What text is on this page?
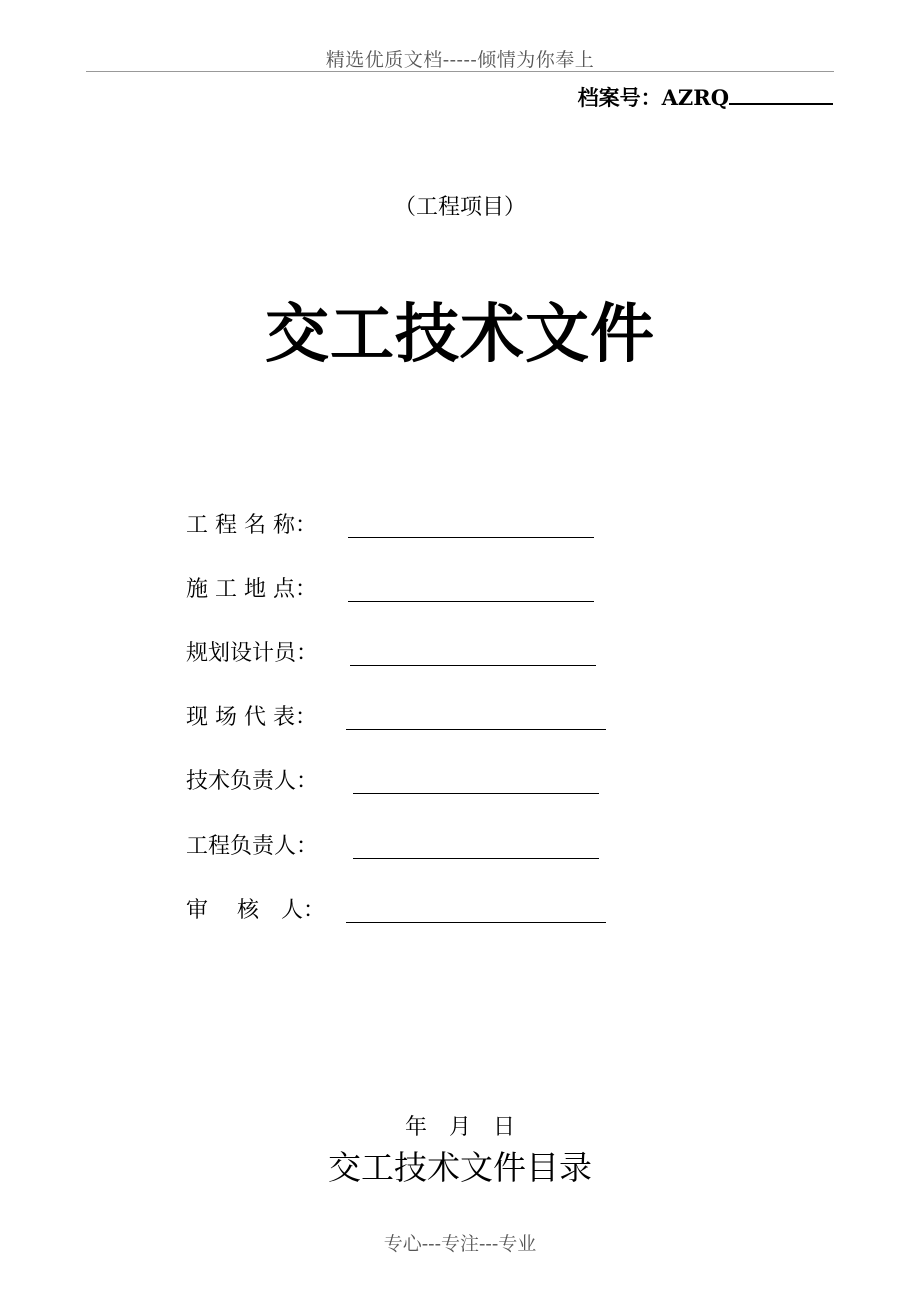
精选优质文档-----倾情为你奉上
档案号：AZRQ
（工程项目）
交工技术文件
工 程 名 称：
施 工 地 点：
规划设计员：
现 场 代 表：
技术负责人：
工程负责人：
审　 核　人：
年　月　日
交工技术文件目录
专心---专注---专业
